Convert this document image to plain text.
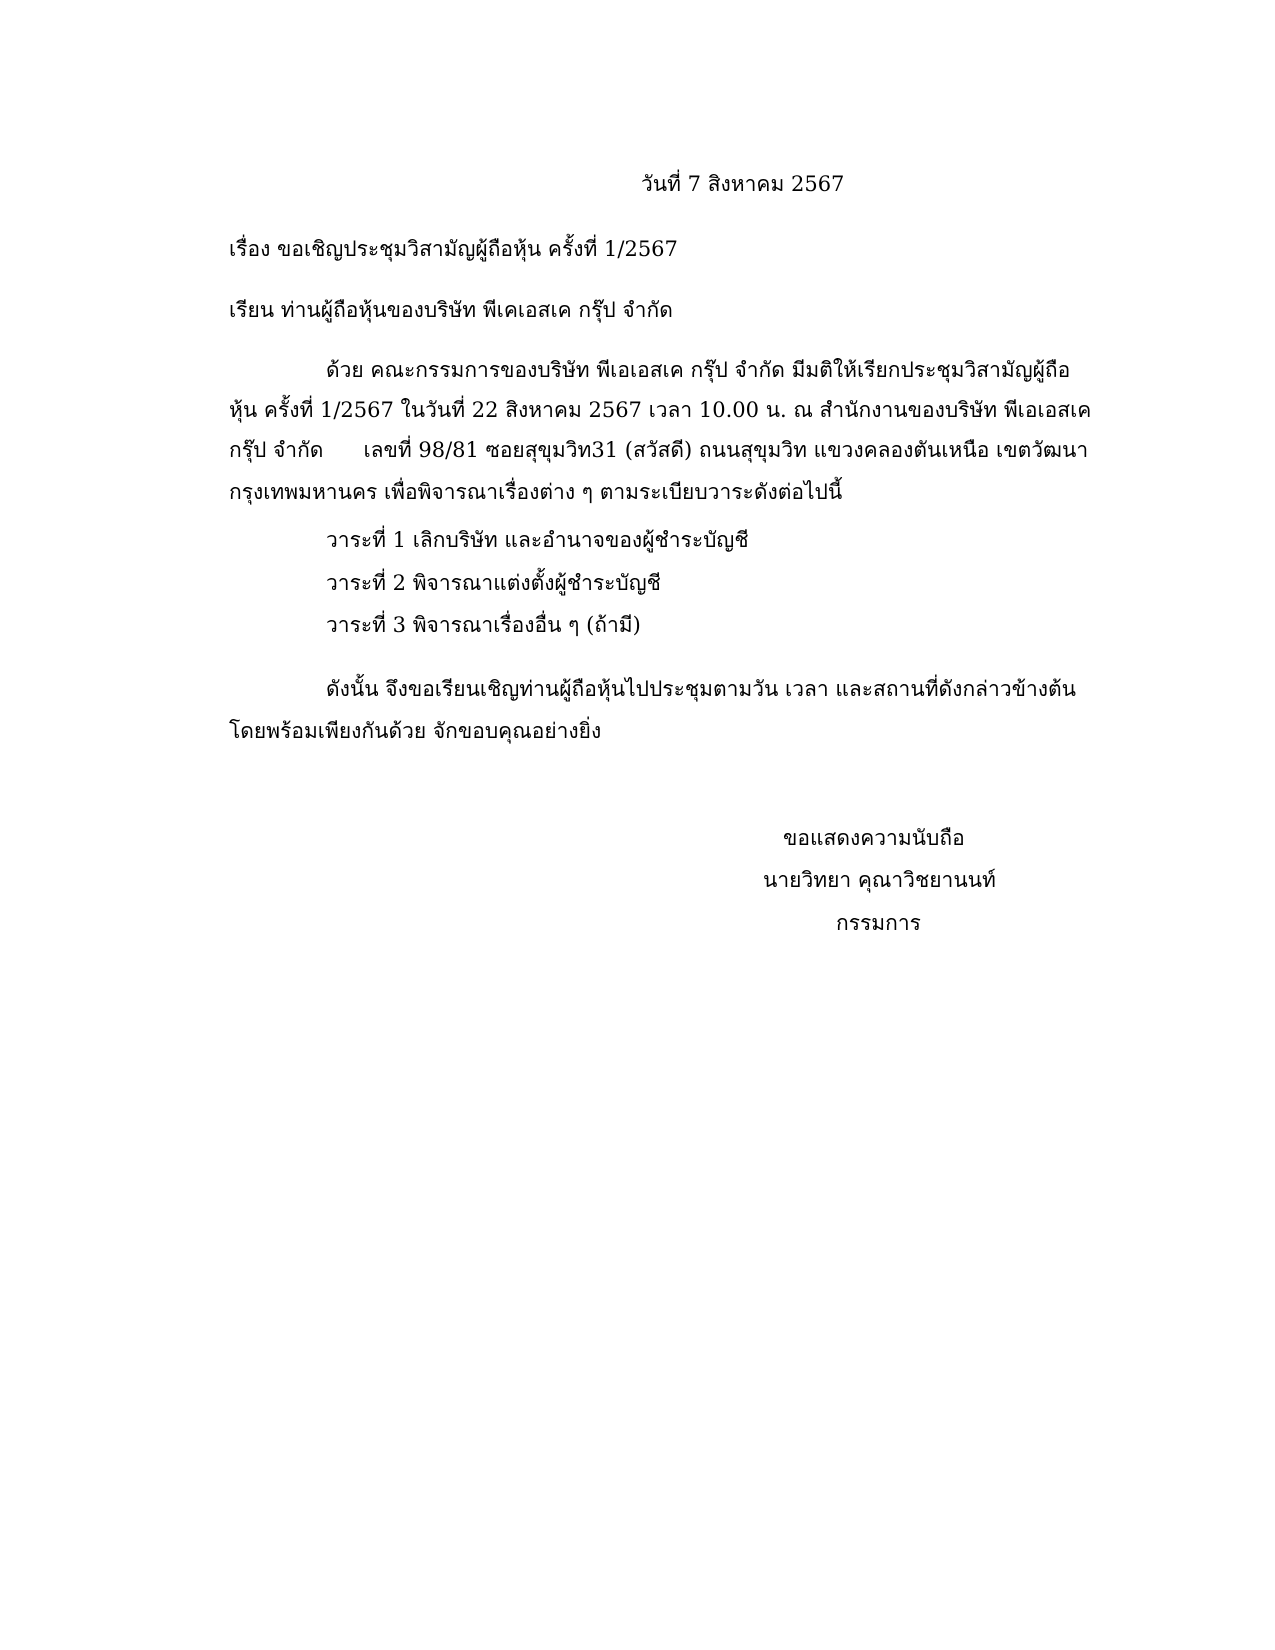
วันที่ 7 สิงหาคม 2567
เรื่อง ขอเชิญประชุมวิสามัญผู้ถือหุ้น ครั้งที่ 1/2567
เรียน ท่านผู้ถือหุ้นของบริษัท พีเคเอสเค กรุ๊ป จำกัด
ด้วย คณะกรรมการของบริษัท พีเอเอสเค กรุ๊ป จำกัด มีมติให้เรียกประชุมวิสามัญผู้ถือ
หุ้น ครั้งที่ 1/2567 ในวันที่ 22 สิงหาคม 2567 เวลา 10.00 น. ณ สำนักงานของบริษัท พีเอเอสเค
กรุ๊ป จำกัด เลขที่ 98/81 ซอยสุขุมวิท31 (สวัสดี) ถนนสุขุมวิท แขวงคลองตันเหนือ เขตวัฒนา
กรุงเทพมหานคร เพื่อพิจารณาเรื่องต่าง ๆ ตามระเบียบวาระดังต่อไปนี้
วาระที่ 1 เลิกบริษัท และอำนาจของผู้ชำระบัญชี
วาระที่ 2 พิจารณาแต่งตั้งผู้ชำระบัญชี
วาระที่ 3 พิจารณาเรื่องอื่น ๆ (ถ้ามี)
ดังนั้น จึงขอเรียนเชิญท่านผู้ถือหุ้นไปประชุมตามวัน เวลา และสถานที่ดังกล่าวข้างต้น
โดยพร้อมเพียงกันด้วย จักขอบคุณอย่างยิ่ง
ขอแสดงความนับถือ
นายวิทยา คุณาวิชยานนท์
กรรมการ
